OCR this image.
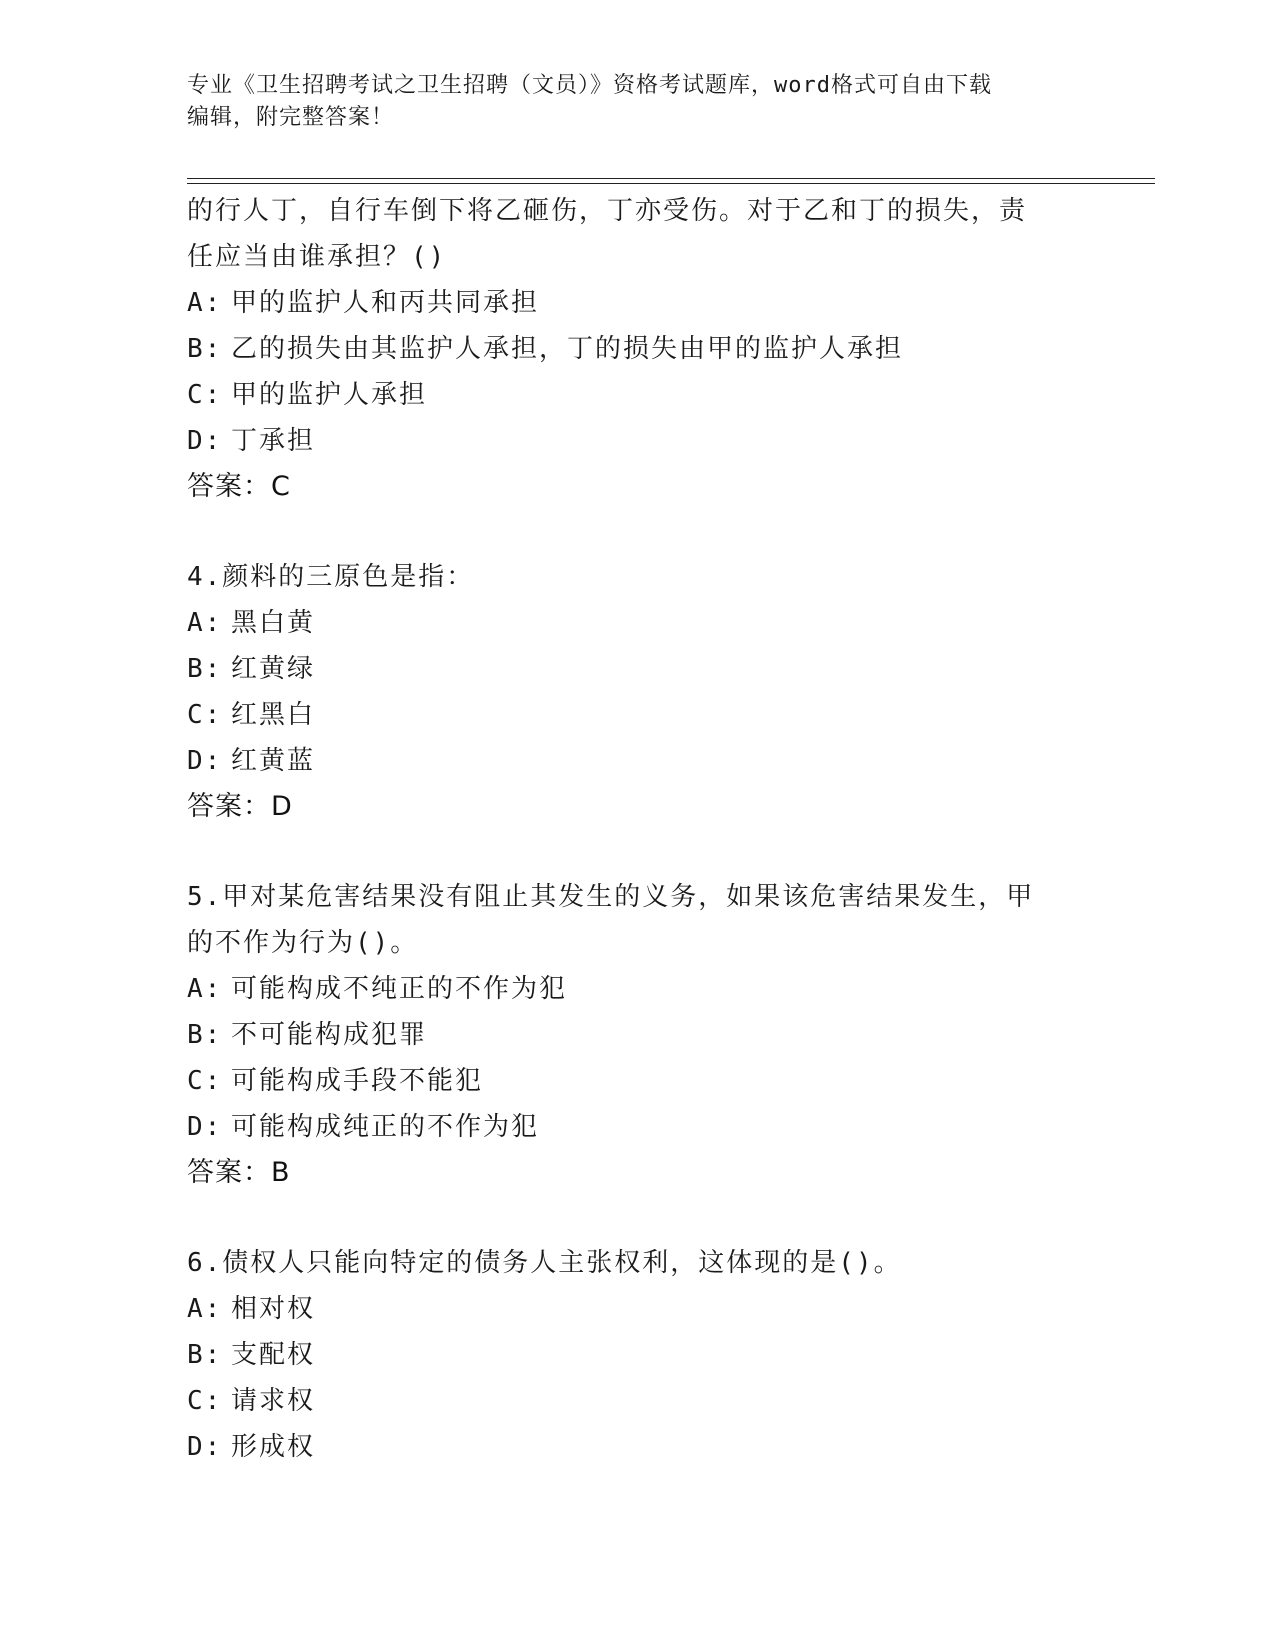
专业《卫生招聘考试之卫生招聘（文员）》资格考试题库，word格式可自由下载
编辑，附完整答案！
的行人丁，自行车倒下将乙砸伤，丁亦受伤。对于乙和丁的损失，责
任应当由谁承担？()
A: 甲的监护人和丙共同承担
B: 乙的损失由其监护人承担，丁的损失由甲的监护人承担
C: 甲的监护人承担
D: 丁承担
答案：C
4.颜料的三原色是指：
A: 黑白黄
B: 红黄绿
C: 红黑白
D: 红黄蓝
答案：D
5.甲对某危害结果没有阻止其发生的义务，如果该危害结果发生，甲
的不作为行为()。
A: 可能构成不纯正的不作为犯
B: 不可能构成犯罪
C: 可能构成手段不能犯
D: 可能构成纯正的不作为犯
答案：B
6.债权人只能向特定的债务人主张权利，这体现的是()。
A: 相对权
B: 支配权
C: 请求权
D: 形成权
